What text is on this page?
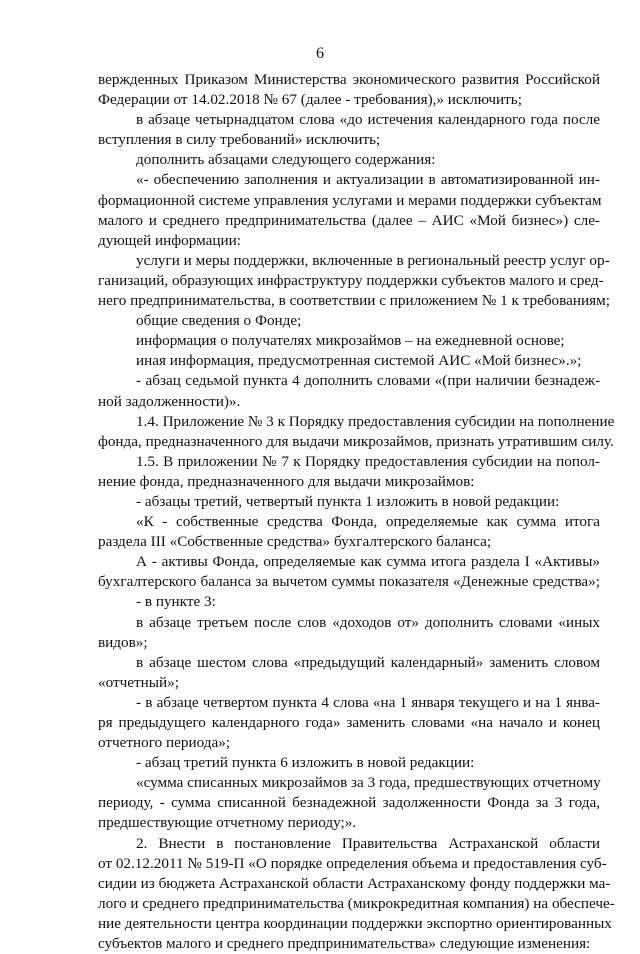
6
вержденных Приказом Министерства экономического развития Российской
Федерации от 14.02.2018 № 67 (далее - требования),» исключить;
в абзаце четырнадцатом слова «до истечения календарного года после
вступления в силу требований» исключить;
дополнить абзацами следующего содержания:
«- обеспечению заполнения и актуализации в автоматизированной ин-
формационной системе управления услугами и мерами поддержки субъектам
малого и среднего предпринимательства (далее – АИС «Мой бизнес») сле-
дующей информации:
услуги и меры поддержки, включенные в региональный реестр услуг ор-
ганизаций, образующих инфраструктуру поддержки субъектов малого и сред-
него предпринимательства, в соответствии с приложением № 1 к требованиям;
общие сведения о Фонде;
информация о получателях микрозаймов – на ежедневной основе;
иная информация, предусмотренная системой АИС «Мой бизнес».»;
- абзац седьмой пункта 4 дополнить словами «(при наличии безнадеж-
ной задолженности)».
1.4. Приложение № 3 к Порядку предоставления субсидии на пополнение
фонда, предназначенного для выдачи микрозаймов, признать утратившим силу.
1.5. В приложении № 7 к Порядку предоставления субсидии на попол-
нение фонда, предназначенного для выдачи микрозаймов:
- абзацы третий, четвертый пункта 1 изложить в новой редакции:
«К - собственные средства Фонда, определяемые как сумма итога
раздела III «Собственные средства» бухгалтерского баланса;
А - активы Фонда, определяемые как сумма итога раздела I «Активы»
бухгалтерского баланса за вычетом суммы показателя «Денежные средства»;
- в пункте 3:
в абзаце третьем после слов «доходов от» дополнить словами «иных
видов»;
в абзаце шестом слова «предыдущий календарный» заменить словом
«отчетный»;
- в абзаце четвертом пункта 4 слова «на 1 января текущего и на 1 янва-
ря предыдущего календарного года» заменить словами «на начало и конец
отчетного периода»;
- абзац третий пункта 6 изложить в новой редакции:
«сумма списанных микрозаймов за 3 года, предшествующих отчетному
периоду, - сумма списанной безнадежной задолженности Фонда за 3 года,
предшествующие отчетному периоду;».
2. Внести в постановление Правительства Астраханской области
от 02.12.2011 № 519-П «О порядке определения объема и предоставления суб-
сидии из бюджета Астраханской области Астраханскому фонду поддержки ма-
лого и среднего предпринимательства (микрокредитная компания) на обеспече-
ние деятельности центра координации поддержки экспортно ориентированных
субъектов малого и среднего предпринимательства» следующие изменения:
